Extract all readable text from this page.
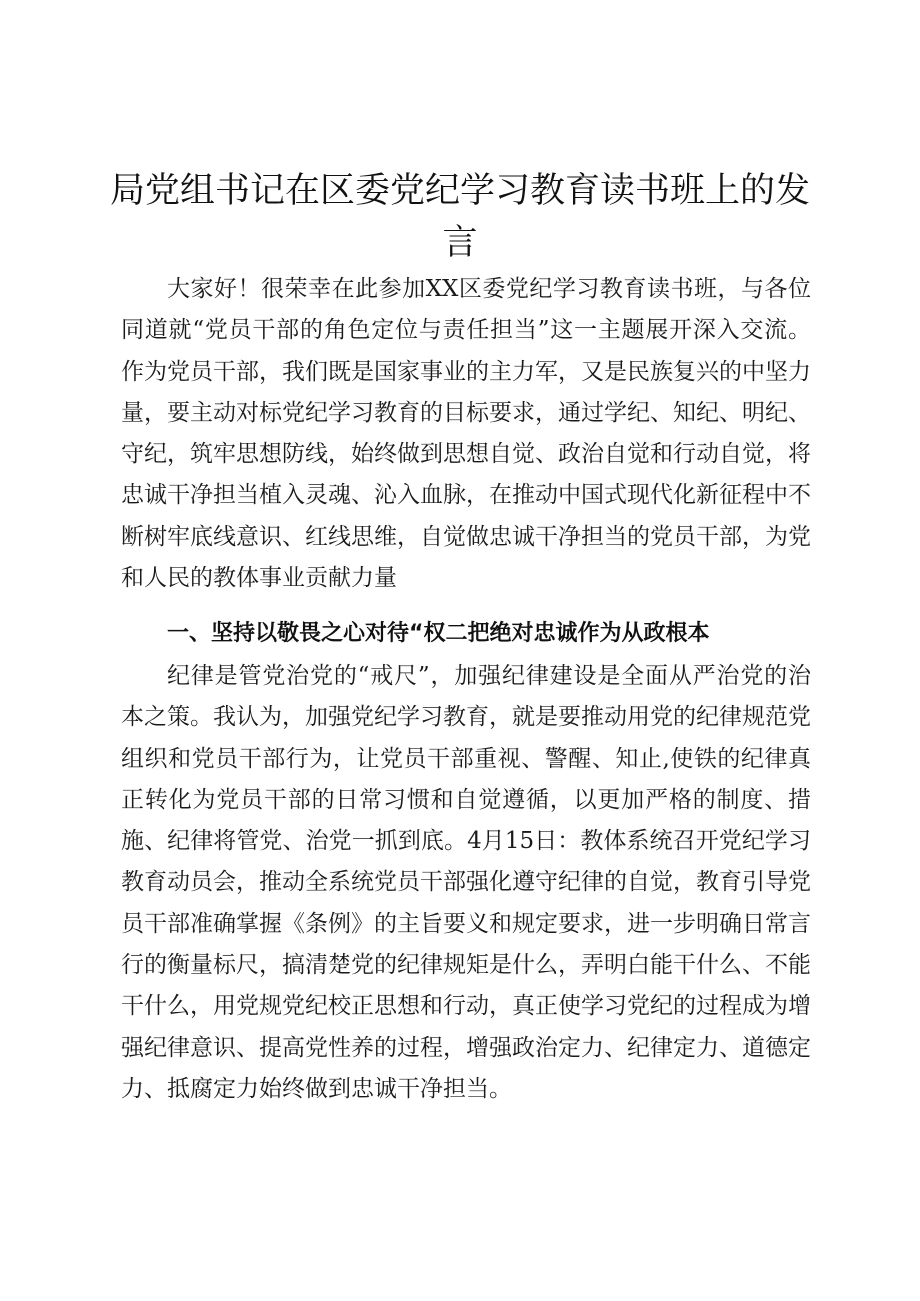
局党组书记在区委党纪学习教育读书班上的发言

大家好！很荣幸在此参加XX区委党纪学习教育读书班，与各位同道就“党员干部的角色定位与责任担当”这一主题展开深入交流。作为党员干部，我们既是国家事业的主力军，又是民族复兴的中坚力量，要主动对标党纪学习教育的目标要求，通过学纪、知纪、明纪、守纪，筑牢思想防线，始终做到思想自觉、政治自觉和行动自觉，将忠诚干净担当植入灵魂、沁入血脉，在推动中国式现代化新征程中不断树牢底线意识、红线思维，自觉做忠诚干净担当的党员干部，为党和人民的教体事业贡献力量

一、坚持以敬畏之心对待“权二把绝对忠诚作为从政根本

纪律是管党治党的“戒尺”，加强纪律建设是全面从严治党的治本之策。我认为，加强党纪学习教育，就是要推动用党的纪律规范党组织和党员干部行为，让党员干部重视、警醒、知止,使铁的纪律真正转化为党员干部的日常习惯和自觉遵循，以更加严格的制度、措施、纪律将管党、治党一抓到底。4月15日：教体系统召开党纪学习教育动员会，推动全系统党员干部强化遵守纪律的自觉，教育引导党员干部准确掌握《条例》的主旨要义和规定要求，进一步明确日常言行的衡量标尺，搞清楚党的纪律规矩是什么，弄明白能干什么、不能干什么，用党规党纪校正思想和行动，真正使学习党纪的过程成为增强纪律意识、提高党性养的过程，增强政治定力、纪律定力、道德定力、抵腐定力始终做到忠诚干净担当。
